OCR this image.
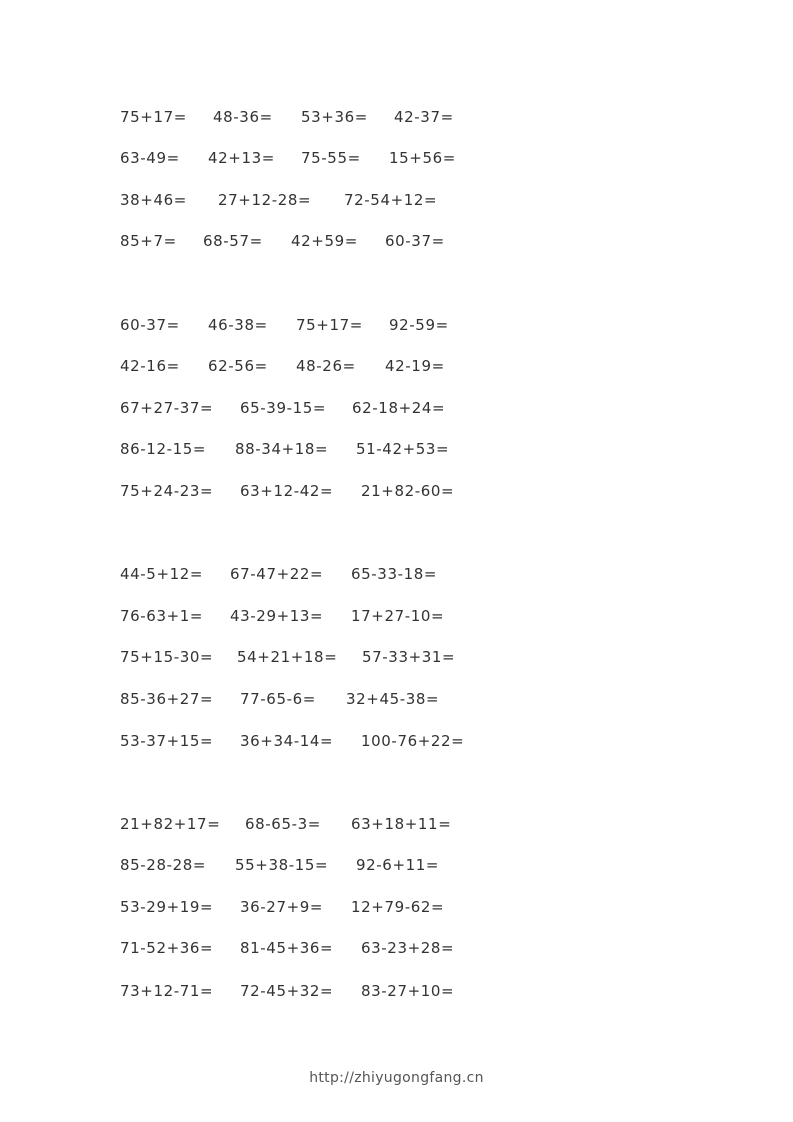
75+17= 48-36= 53+36= 42-37=
63-49= 42+13= 75-55= 15+56=
38+46= 27+12-28= 72-54+12=
85+7= 68-57= 42+59= 60-37=
60-37= 46-38= 75+17= 92-59=
42-16= 62-56= 48-26= 42-19=
67+27-37= 65-39-15= 62-18+24=
86-12-15= 88-34+18= 51-42+53=
75+24-23= 63+12-42= 21+82-60=
44-5+12= 67-47+22= 65-33-18=
76-63+1= 43-29+13= 17+27-10=
75+15-30= 54+21+18= 57-33+31=
85-36+27= 77-65-6= 32+45-38=
53-37+15= 36+34-14= 100-76+22=
21+82+17= 68-65-3= 63+18+11=
85-28-28= 55+38-15= 92-6+11=
53-29+19= 36-27+9= 12+79-62=
71-52+36= 81-45+36= 63-23+28=
73+12-71= 72-45+32= 83-27+10=
http://zhiyugongfang.cn
